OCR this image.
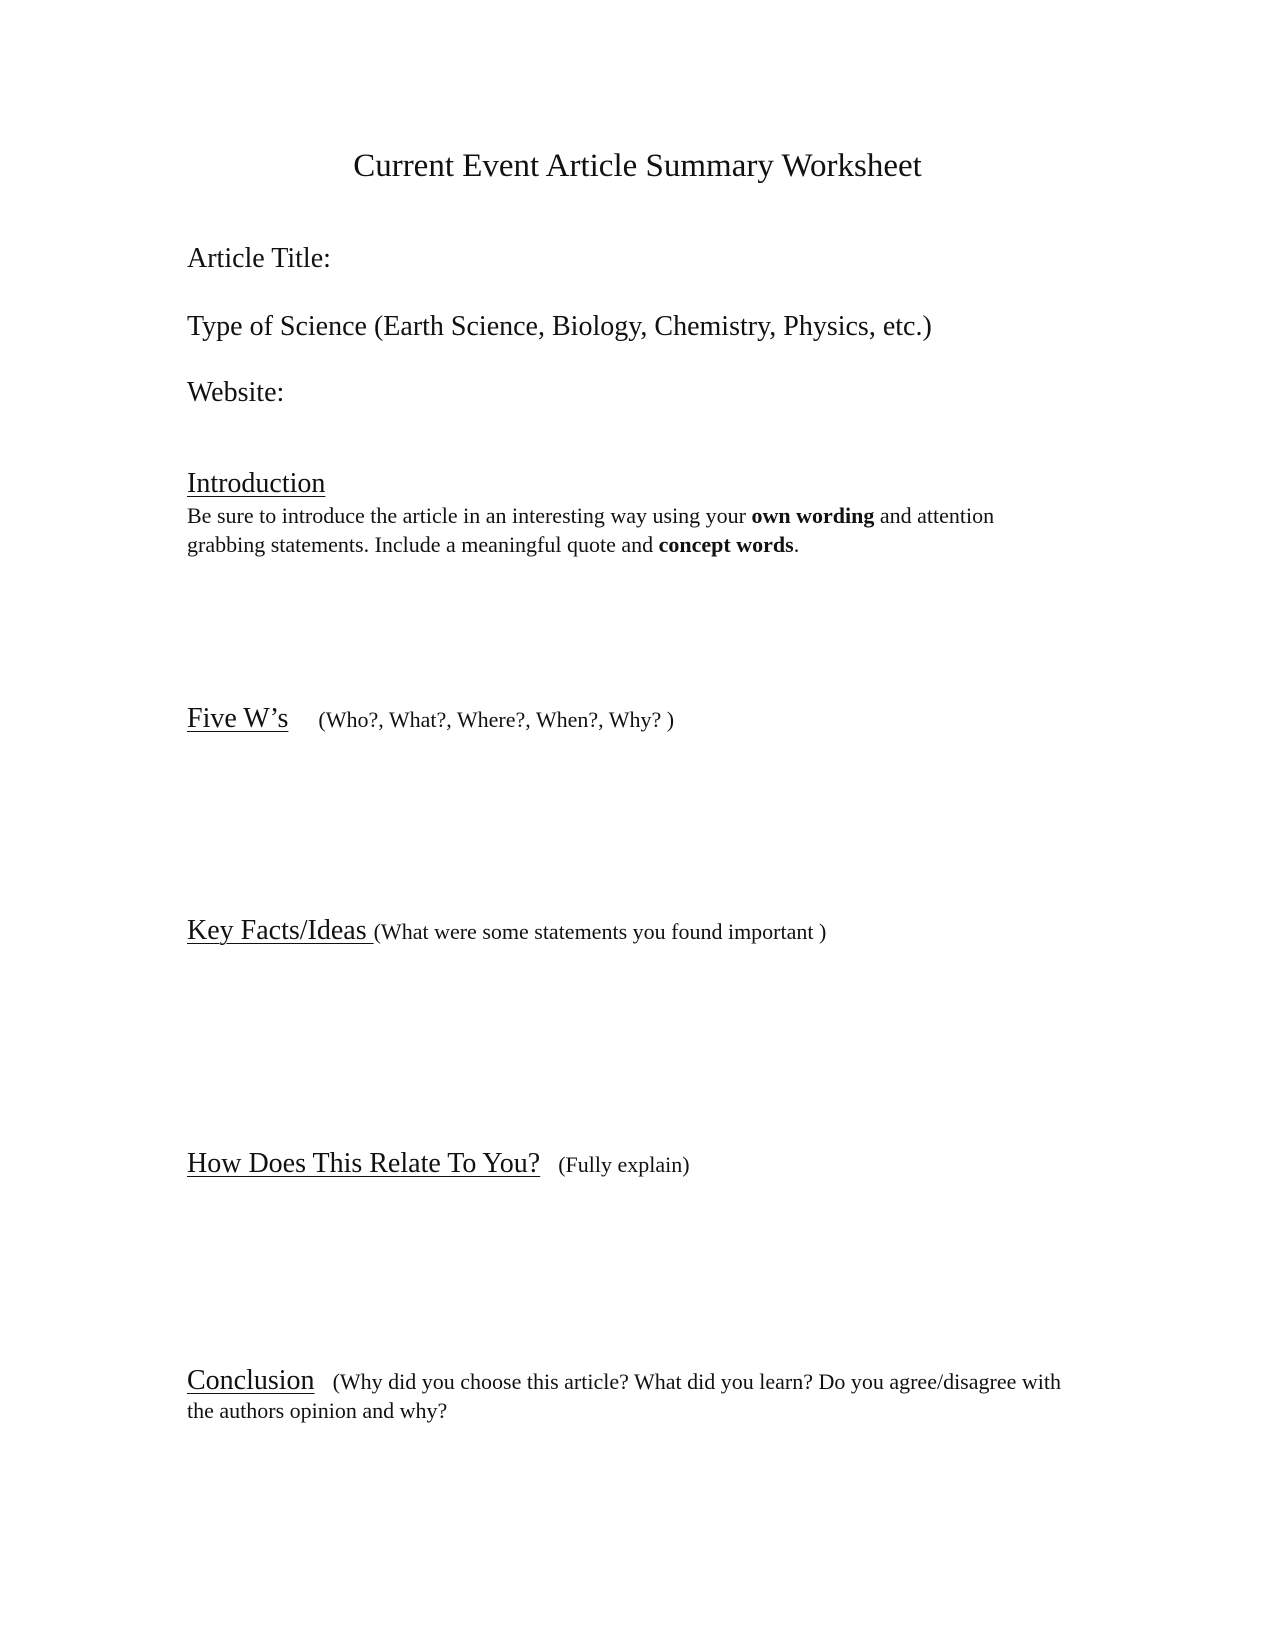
Current Event Article Summary Worksheet
Article Title:
Type of Science (Earth Science, Biology, Chemistry, Physics, etc.)
Website:
Introduction
Be sure to introduce the article in an interesting way using your own wording and attention grabbing statements. Include a meaningful quote and concept words.
Five W’s (Who?, What?, Where?, When?, Why? )
Key Facts/Ideas (What were some statements you found important )
How Does This Relate To You? (Fully explain)
Conclusion (Why did you choose this article? What did you learn? Do you agree/disagree with the authors opinion and why?
